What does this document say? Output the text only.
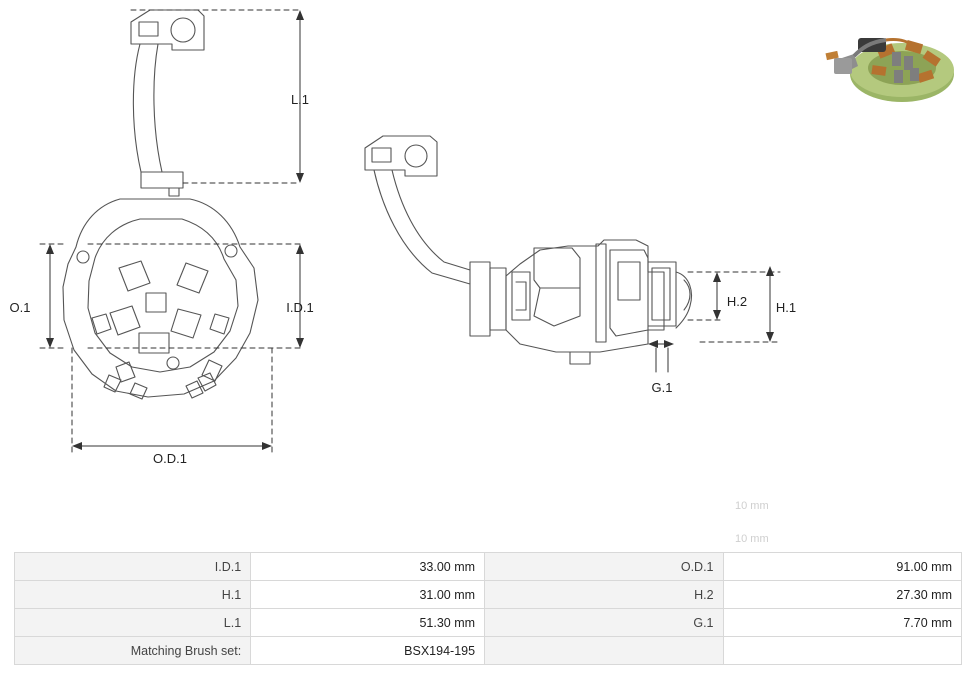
L.1
I.D.1
O.1
O.D.1
H.2 H.1
G.1
10 mm
10 mm
I.D.1	33.00 mm	O.D.1	91.00 mm
H.1	31.00 mm	H.2	27.30 mm
L.1	51.30 mm	G.1	7.70 mm
Matching Brush set:	BSX194-195		
